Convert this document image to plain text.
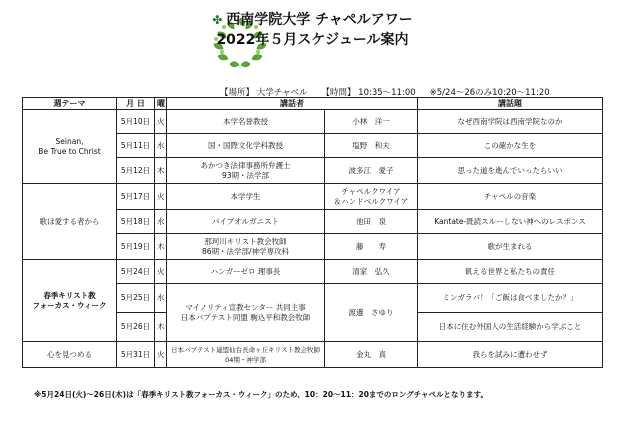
✤ 西南学院大学 チャペルアワー
2022年５月スケジュール案内
【場所】 大学チャペル 【時間】 10:35～11:00 ※5/24～26のみ10:20～11:20
週テーマ	月 日	曜	講話者		講話題
Seinan,
Be True to Christ	5月10日	火	本学名誉教授	小林　洋一	なぜ西南学院は西南学院なのか
	5月11日	水	国・国際文化学科教授	塩野　和夫	この確かな生を
	5月12日	木	あかつき法律事務所弁護士
93期・法学部	波多江　愛子	思った道を進んでいったらいい
歌は愛する者から	5月17日	火	本学学生	チャペルクワイア
＆ハンドベルクワイア	チャペルの音楽
	5月18日	水	パイプオルガニスト	池田　泉	Kantate-既読スルーしない神へのレスポンス
	5月19日	木	那珂川キリスト教会牧師
86期・法学部/神学専攻科	藤　　寿	歌が生まれる
春季キリスト教
フォーカス・ウィーク	5月24日	火	ハンガーゼロ 理事長	清家　弘久	飢える世界と私たちの責任
	5月25日	水	マイノリティ宣教センター 共同主事
日本バプテスト同盟 駒込平和教会牧師	渡邊　さゆり	ミンガラバ！「ご飯は食べましたか？」
	5月26日	木			日本に住む外国人の生活経験から学ぶこと
心を見つめる	5月31日	火	日本バプテスト連盟仙台長命ヶ丘キリスト教会牧師
04期・神学部	金丸　真	我らを試みに遭わせず
※5月24日(火)～26日(木)は「春季キリスト教フォーカス・ウィーク」のため、10：20～11：20までのロングチャペルとなります。
